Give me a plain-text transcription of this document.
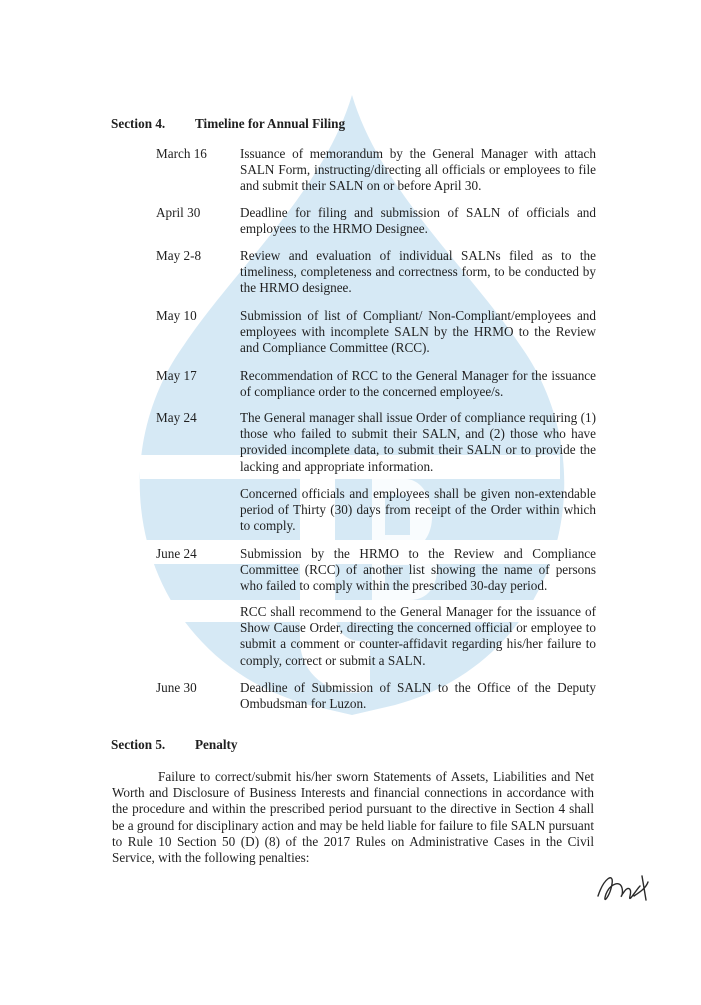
Section 4. Timeline for Annual Filing
March 16	Issuance of memorandum by the General Manager with attach SALN Form, instructing/directing all officials or employees to file and submit their SALN on or before April 30.
April 30	Deadline for filing and submission of SALN of officials and employees to the HRMO Designee.
May 2-8	Review and evaluation of individual SALNs filed as to the timeliness, completeness and correctness form, to be conducted by the HRMO designee.
May 10	Submission of list of Compliant/ Non-Compliant/employees and employees with incomplete SALN by the HRMO to the Review and Compliance Committee (RCC).
May 17	Recommendation of RCC to the General Manager for the issuance of compliance order to the concerned employee/s.
May 24	The General manager shall issue Order of compliance requiring (1) those who failed to submit their SALN, and (2) those who have provided incomplete data, to submit their SALN or to provide the lacking and appropriate information.
Concerned officials and employees shall be given non-extendable period of Thirty (30) days from receipt of the Order within which to comply.
June 24	Submission by the HRMO to the Review and Compliance Committee (RCC) of another list showing the name of persons who failed to comply within the prescribed 30-day period.
RCC shall recommend to the General Manager for the issuance of Show Cause Order, directing the concerned official or employee to submit a comment or counter-affidavit regarding his/her failure to comply, correct or submit a SALN.
June 30	Deadline of Submission of SALN to the Office of the Deputy Ombudsman for Luzon.
Section 5. Penalty
Failure to correct/submit his/her sworn Statements of Assets, Liabilities and Net Worth and Disclosure of Business Interests and financial connections in accordance with the procedure and within the prescribed period pursuant to the directive in Section 4 shall be a ground for disciplinary action and may be held liable for failure to file SALN pursuant to Rule 10 Section 50 (D) (8) of the 2017 Rules on Administrative Cases in the Civil Service, with the following penalties:
